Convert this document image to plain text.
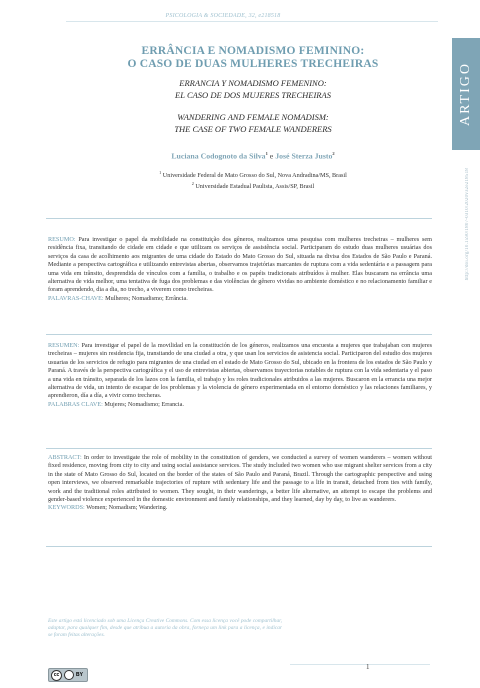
PSICOLOGIA & SOCIEDADE, 32, e218518
ARTIGO
http://doi.org/10.1590/1807-0310/2020v32e218518
ERRÂNCIA E NOMADISMO FEMININO:
O CASO DE DUAS MULHERES TRECHEIRAS
ERRANCIA Y NOMADISMO FEMENINO:
EL CASO DE DOS MUJERES TRECHEIRAS
WANDERING AND FEMALE NOMADISM:
THE CASE OF TWO FEMALE WANDERERS
Luciana Codognoto da Silva$^1$ e José Sterza Justo$^2$
$^1$ Universidade Federal de Mato Grosso do Sul, Nova Andradina/MS, Brasil
$^2$ Universidade Estadual Paulista, Assis/SP, Brasil
RESUMO: Para investigar o papel da mobilidade na constituição dos gêneros, realizamos uma pesquisa com mulheres trecheiras – mulheres sem residência fixa, transitando de cidade em cidade e que utilizam os serviços de assistência social. Participaram do estudo duas mulheres usuárias dos serviços da casa de acolhimento aos migrantes de uma cidade do Estado do Mato Grosso do Sul, situada na divisa dos Estados de São Paulo e Paraná. Mediante a perspectiva cartográfica e utilizando entrevistas abertas, observamos trajetórias marcantes de ruptura com a vida sedentária e a passagem para uma vida em trânsito, desprendida de vínculos com a família, o trabalho e os papéis tradicionais atribuídos à mulher. Elas buscaram na errância uma alternativa de vida melhor, uma tentativa de fuga dos problemas e das violências de gênero vividas no ambiente doméstico e no relacionamento familiar e foram aprendendo, dia a dia, no trecho, a viverem como trecheiras.
PALAVRAS-CHAVE: Mulheres; Nomadismo; Errância.
RESUMEN: Para investigar el papel de la movilidad en la constitución de los géneros, realizamos una encuesta a mujeres que trabajaban con mujeres trecheiras – mujeres sin residencia fija, transitando de una ciudad a otra, y que usan los servicios de asistencia social. Participaron del estudio dos mujeres usuarias de los servicios de refugio para migrantes de una ciudad en el estado de Mato Grosso do Sul, ubicado en la frontera de los estados de São Paulo y Paraná. A través de la perspectiva cartográfica y el uso de entrevistas abiertas, observamos trayectorias notables de ruptura con la vida sedentaria y el paso a una vida en tránsito, separada de los lazos con la familia, el trabajo y los roles tradicionales atribuidos a las mujeres. Buscaron en la errancia una mejor alternativa de vida, un intento de escapar de los problemas y la violencia de género experimentada en el entorno doméstico y las relaciones familiares, y aprendieron, día a día, a vivir como trecheras.
PALABRAS CLAVE: Mujeres; Nomadismo; Errancia.
ABSTRACT: In order to investigate the role of mobility in the constitution of genders, we conducted a survey of women wanderers – women without fixed residence, moving from city to city and using social assistance services. The study included two women who use migrant shelter services from a city in the state of Mato Grosso do Sul, located on the border of the states of São Paulo and Paraná, Brazil. Through the cartographic perspective and using open interviews, we observed remarkable trajectories of rupture with sedentary life and the passage to a life in transit, detached from ties with family, work and the traditional roles attributed to women. They sought, in their wanderings, a better life alternative, an attempt to escape the problems and gender-based violence experienced in the domestic environment and family relationships, and they learned, day by day, to live as wanderers.
KEYWORDS: Women; Nomadism; Wandering.
Este artigo está licenciado sob uma Licença Creative Commons. Com essa licença você pode compartilhar, adaptar, para qualquer fim, desde que atribua a autoria da obra, forneça um link para a licença, e indicar se foram feitas alterações.
cc	BY
1
